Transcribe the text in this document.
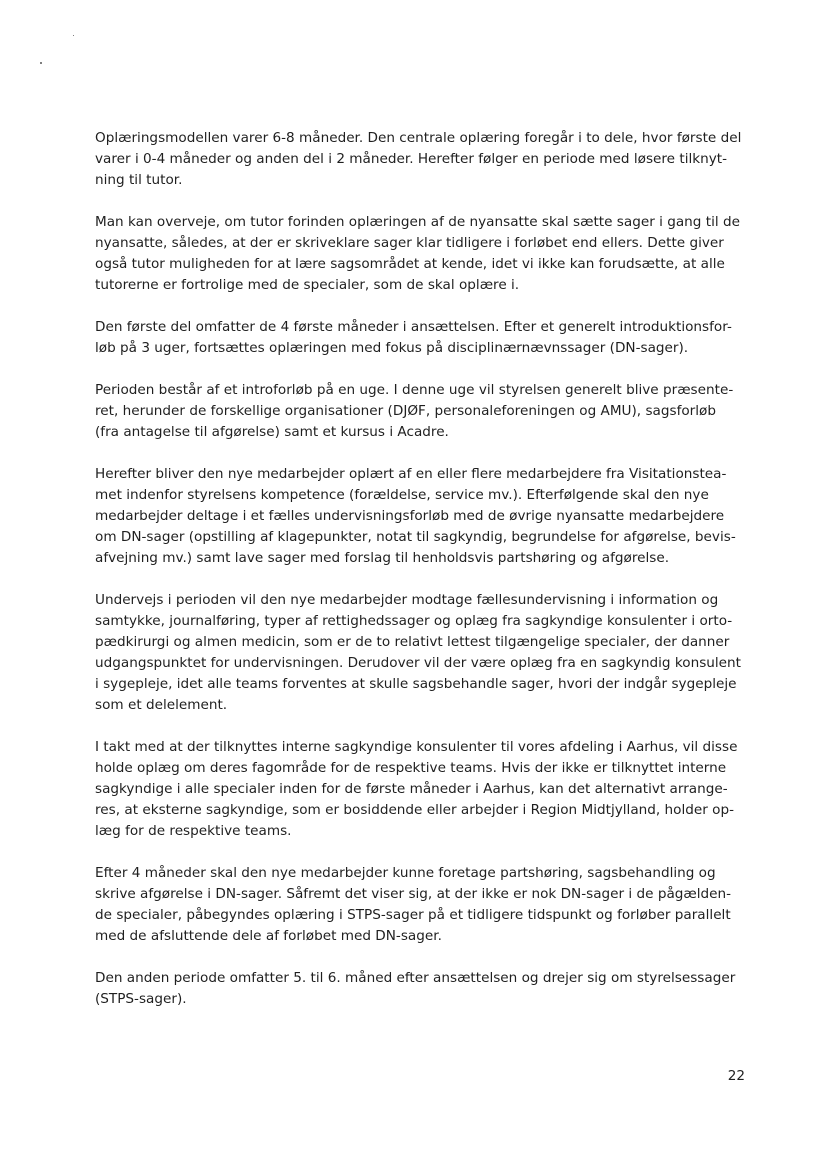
Oplæringsmodellen varer 6-8 måneder. Den centrale oplæring foregår i to dele, hvor første del
varer i 0-4 måneder og anden del i 2 måneder. Herefter følger en periode med løsere tilknyt-
ning til tutor.

Man kan overveje, om tutor forinden oplæringen af de nyansatte skal sætte sager i gang til de
nyansatte, således, at der er skriveklare sager klar tidligere i forløbet end ellers. Dette giver
også tutor muligheden for at lære sagsområdet at kende, idet vi ikke kan forudsætte, at alle
tutorerne er fortrolige med de specialer, som de skal oplære i.

Den første del omfatter de 4 første måneder i ansættelsen. Efter et generelt introduktionsfor-
løb på 3 uger, fortsættes oplæringen med fokus på disciplinærnævnssager (DN-sager).

Perioden består af et introforløb på en uge. I denne uge vil styrelsen generelt blive præsente-
ret, herunder de forskellige organisationer (DJØF, personaleforeningen og AMU), sagsforløb
(fra antagelse til afgørelse) samt et kursus i Acadre.

Herefter bliver den nye medarbejder oplært af en eller flere medarbejdere fra Visitationstea-
met indenfor styrelsens kompetence (forældelse, service mv.). Efterfølgende skal den nye
medarbejder deltage i et fælles undervisningsforløb med de øvrige nyansatte medarbejdere
om DN-sager (opstilling af klagepunkter, notat til sagkyndig, begrundelse for afgørelse, bevis-
afvejning mv.) samt lave sager med forslag til henholdsvis partshøring og afgørelse.

Undervejs i perioden vil den nye medarbejder modtage fællesundervisning i information og
samtykke, journalføring, typer af rettighedssager og oplæg fra sagkyndige konsulenter i orto-
pædkirurgi og almen medicin, som er de to relativt lettest tilgængelige specialer, der danner
udgangspunktet for undervisningen. Derudover vil der være oplæg fra en sagkyndig konsulent
i sygepleje, idet alle teams forventes at skulle sagsbehandle sager, hvori der indgår sygepleje
som et delelement.

I takt med at der tilknyttes interne sagkyndige konsulenter til vores afdeling i Aarhus, vil disse
holde oplæg om deres fagområde for de respektive teams. Hvis der ikke er tilknyttet interne
sagkyndige i alle specialer inden for de første måneder i Aarhus, kan det alternativt arrange-
res, at eksterne sagkyndige, som er bosiddende eller arbejder i Region Midtjylland, holder op-
læg for de respektive teams.

Efter 4 måneder skal den nye medarbejder kunne foretage partshøring, sagsbehandling og
skrive afgørelse i DN-sager. Såfremt det viser sig, at der ikke er nok DN-sager i de pågælden-
de specialer, påbegyndes oplæring i STPS-sager på et tidligere tidspunkt og forløber parallelt
med de afsluttende dele af forløbet med DN-sager.

Den anden periode omfatter 5. til 6. måned efter ansættelsen og drejer sig om styrelsessager
(STPS-sager).

22
